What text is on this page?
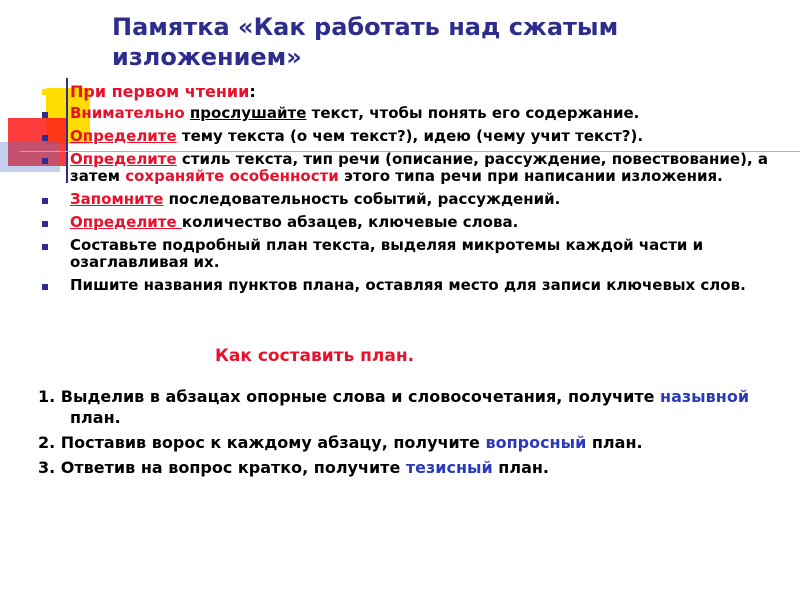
Памятка «Как работать над сжатым изложением»
При первом чтении:
Внимательно прослушайте текст, чтобы понять его содержание.
Определите тему текста (о чем текст?), идею (чему учит текст?).
Определите стиль текста, тип речи (описание, рассуждение, повествование), а затем сохраняйте особенности этого типа речи при написании изложения.
Запомните последовательность событий, рассуждений.
Определите количество абзацев, ключевые слова.
Составьте подробный план текста, выделяя микротемы каждой части и озаглавливая их.
Пишите названия пунктов плана, оставляя место для записи ключевых слов.
Как составить план.
1. Выделив в абзацах опорные слова и словосочетания, получите назывной план.
2. Поставив ворос к каждому абзацу, получите вопросный план.
3. Ответив на вопрос кратко, получите тезисный план.
